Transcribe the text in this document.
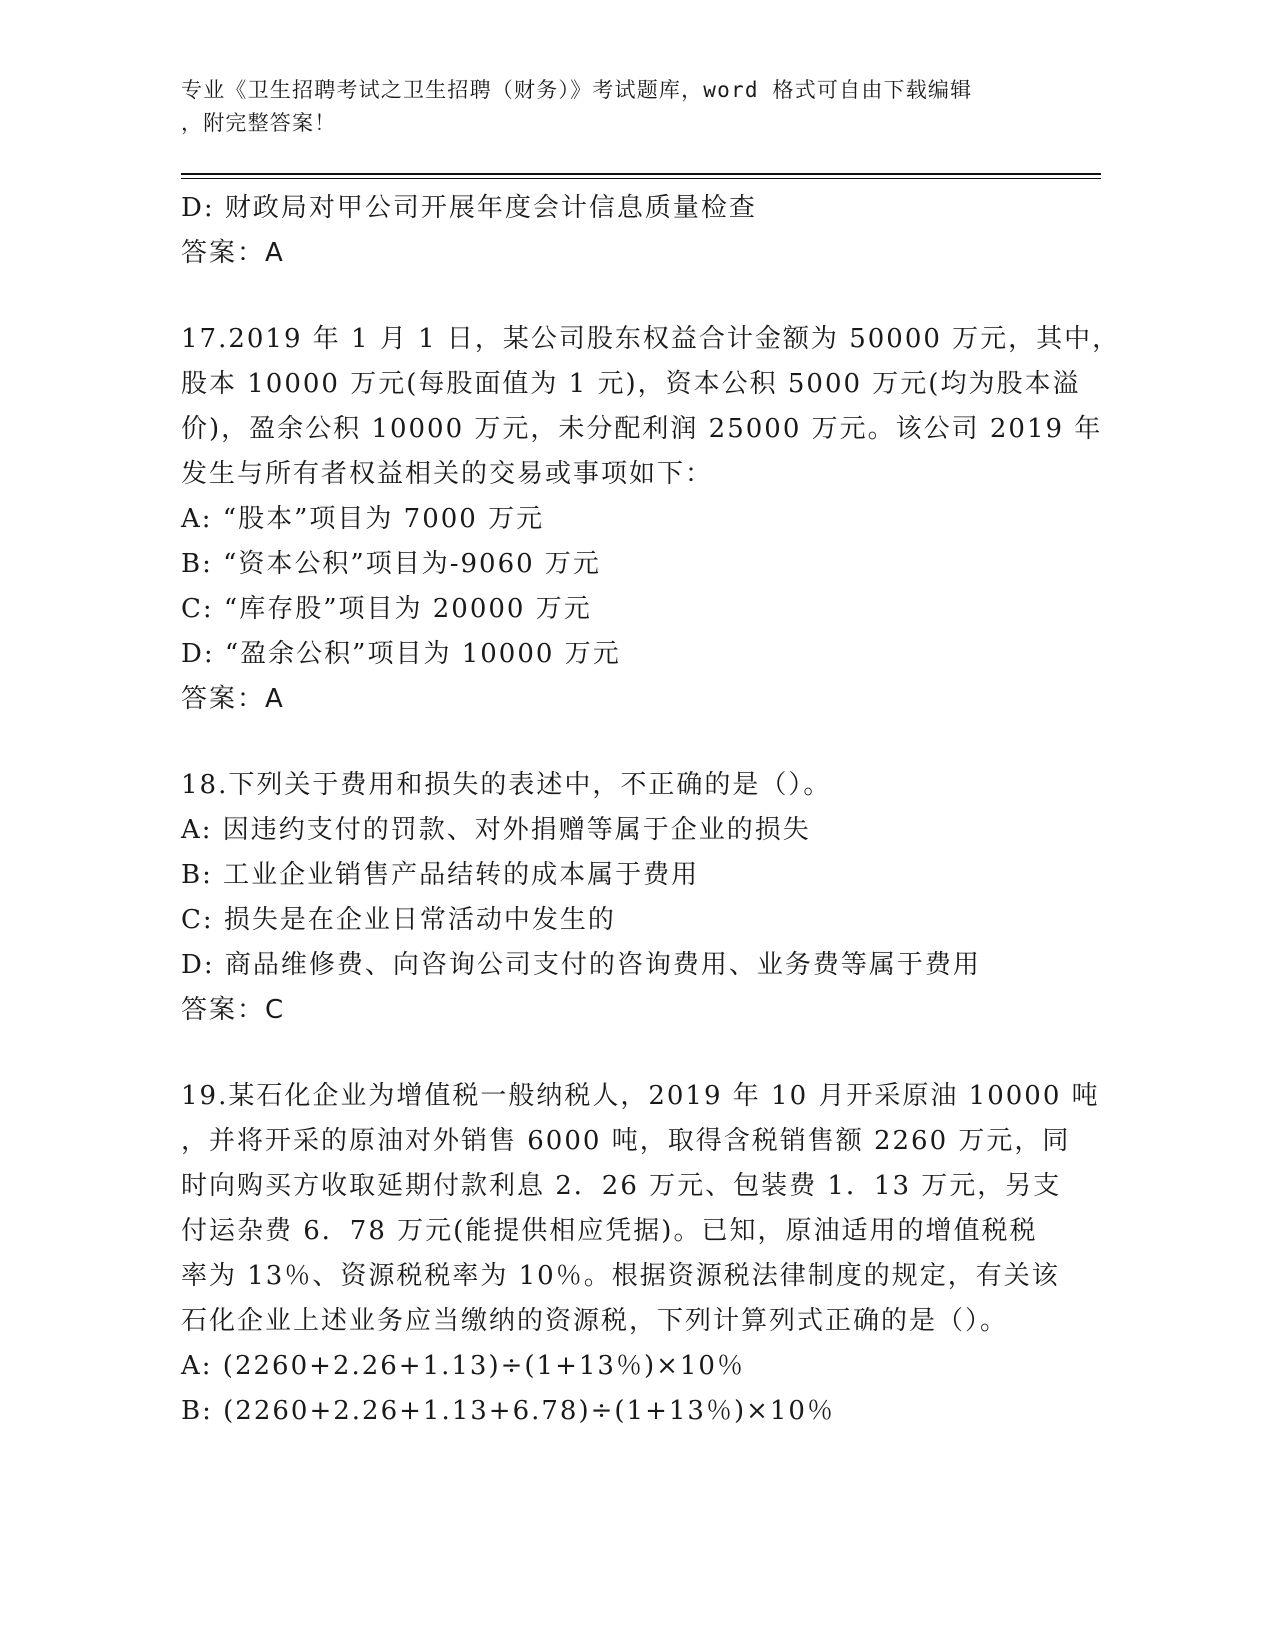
专业《卫生招聘考试之卫生招聘（财务）》考试题库，word 格式可自由下载编辑
，附完整答案！
D: 财政局对甲公司开展年度会计信息质量检查
答案：A
17.2019 年 1 月 1 日，某公司股东权益合计金额为 50000 万元，其中，
股本 10000 万元(每股面值为 1 元)，资本公积 5000 万元(均为股本溢
价)，盈余公积 10000 万元，未分配利润 25000 万元。该公司 2019 年
发生与所有者权益相关的交易或事项如下：
A: “股本”项目为 7000 万元
B: “资本公积”项目为-9060 万元
C: “库存股”项目为 20000 万元
D: “盈余公积”项目为 10000 万元
答案：A
18.下列关于费用和损失的表述中，不正确的是（）。
A: 因违约支付的罚款、对外捐赠等属于企业的损失
B: 工业企业销售产品结转的成本属于费用
C: 损失是在企业日常活动中发生的
D: 商品维修费、向咨询公司支付的咨询费用、业务费等属于费用
答案：C
19.某石化企业为增值税一般纳税人，2019 年 10 月开采原油 10000 吨
，并将开采的原油对外销售 6000 吨，取得含税销售额 2260 万元，同
时向购买方收取延期付款利息 2．26 万元、包装费 1．13 万元，另支
付运杂费 6．78 万元(能提供相应凭据)。已知，原油适用的增值税税
率为 13％、资源税税率为 10％。根据资源税法律制度的规定，有关该
石化企业上述业务应当缴纳的资源税，下列计算列式正确的是（）。
A: (2260+2.26+1.13)÷(1+13％)×10％
B: (2260+2.26+1.13+6.78)÷(1+13％)×10％
